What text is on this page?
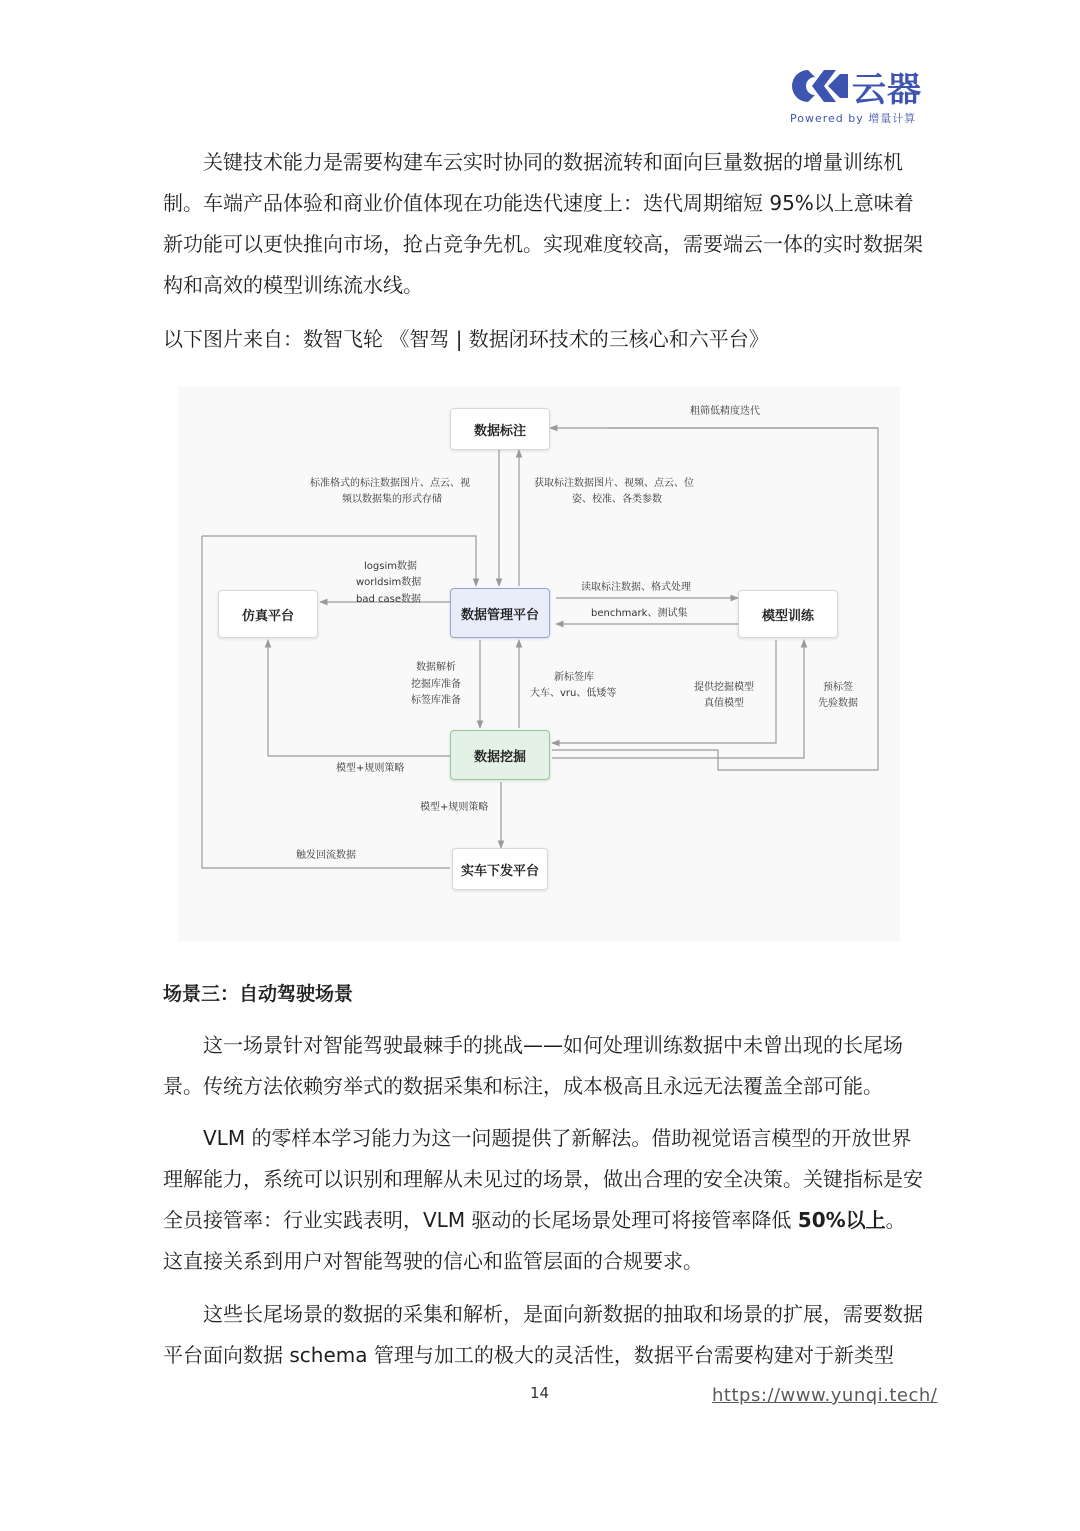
云器
Powered by 增量计算

关键技术能力是需要构建车云实时协同的数据流转和面向巨量数据的增量训练机制。车端产品体验和商业价值体现在功能迭代速度上：迭代周期缩短 95%以上意味着新功能可以更快推向市场，抢占竞争先机。实现难度较高，需要端云一体的实时数据架构和高效的模型训练流水线。

以下图片来自：数智飞轮 《智驾 | 数据闭环技术的三核心和六平台》

数据标注
数据管理平台
仿真平台	模型训练
数据挖掘
实车下发平台
粗筛低精度迭代
标准格式的标注数据图片、点云、视
频以数据集的形式存储
获取标注数据图片、视频、点云、位
姿、校准、各类参数
logsim数据
worldsim数据
bad case数据
读取标注数据、格式处理
benchmark、测试集
数据解析
挖掘库准备
标签库准备
新标签库
大车、vru、低矮等
提供挖掘模型
真值模型
预标签
先验数据
模型+规则策略
模型+规则策略
触发回流数据
场景三：自动驾驶场景

这一场景针对智能驾驶最棘手的挑战——如何处理训练数据中未曾出现的长尾场景。传统方法依赖穷举式的数据采集和标注，成本极高且永远无法覆盖全部可能。

VLM 的零样本学习能力为这一问题提供了新解法。借助视觉语言模型的开放世界理解能力，系统可以识别和理解从未见过的场景，做出合理的安全决策。关键指标是安全员接管率：行业实践表明，VLM 驱动的长尾场景处理可将接管率降低 50%以上。这直接关系到用户对智能驾驶的信心和监管层面的合规要求。

这些长尾场景的数据的采集和解析，是面向新数据的抽取和场景的扩展，需要数据平台面向数据 schema 管理与加工的极大的灵活性，数据平台需要构建对于新类型

14	https://www.yunqi.tech/
